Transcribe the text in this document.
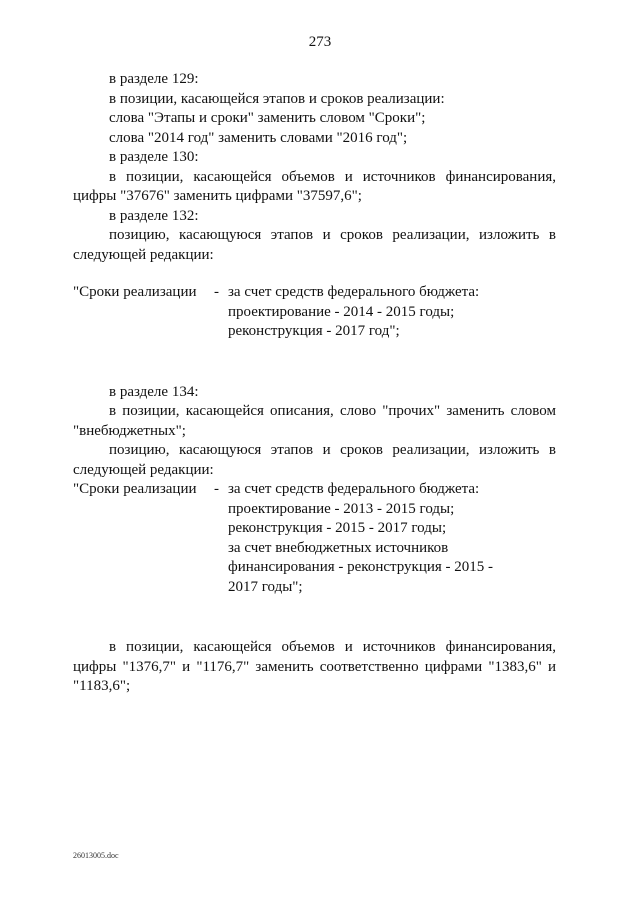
273

в разделе 129:

в позиции, касающейся этапов и сроков реализации:

слова "Этапы и сроки" заменить словом "Сроки";

слова "2014 год" заменить словами "2016 год";

в разделе 130:

в позиции, касающейся объемов и источников финансирования, цифры "37676" заменить цифрами "37597,6";

в разделе 132:

позицию, касающуюся этапов и сроков реализации, изложить в следующей редакции:

"Сроки реализации	- за счет средств федерального бюджета:
проектирование - 2014 - 2015 годы;
реконструкция - 2017 год";

в разделе 134:

в позиции, касающейся описания, слово "прочих" заменить словом "внебюджетных";

позицию, касающуюся этапов и сроков реализации, изложить в следующей редакции:

"Сроки реализации	- за счет средств федерального бюджета:
проектирование - 2013 - 2015 годы;
реконструкция - 2015 - 2017 годы;
за счет внебюджетных источников
финансирования - реконструкция - 2015 -
2017 годы";

в позиции, касающейся объемов и источников финансирования, цифры "1376,7" и "1176,7" заменить соответственно цифрами "1383,6" и "1183,6";

26013005.doc
